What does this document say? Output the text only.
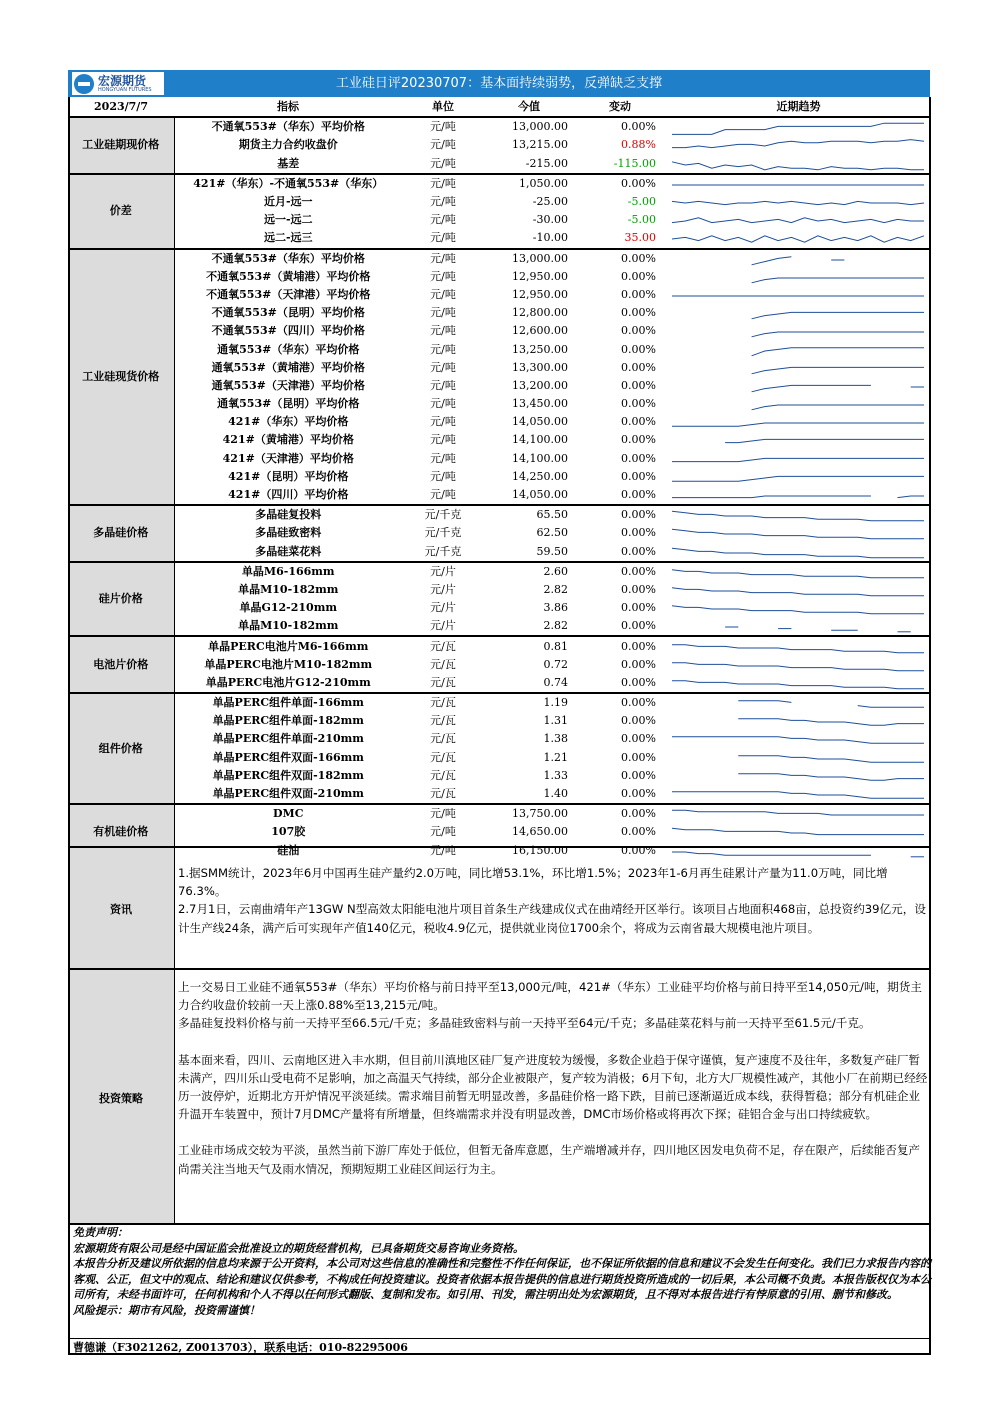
宏源期货
HONGYUAN FUTURES	工业硅日评20230707：基本面持续弱势，反弹缺乏支撑
2023/7/7	指标	单位	今值	变动	近期趋势
工业硅期现价格	不通氧553#（华东）平均价格	元/吨	13,000.00	0.00%	

	期货主力合约收盘价	元/吨	13,215.00	0.88%	

	基差	元/吨	-215.00	-115.00	

价差	421#（华东）-不通氧553#（华东）	元/吨	1,050.00	0.00%	

	近月-远一	元/吨	-25.00	-5.00	

	远一-远二	元/吨	-30.00	-5.00	

	远二-远三	元/吨	-10.00	35.00	

工业硅现货价格	不通氧553#（华东）平均价格	元/吨	13,000.00	0.00%	

	不通氧553#（黄埔港）平均价格	元/吨	12,950.00	0.00%	

	不通氧553#（天津港）平均价格	元/吨	12,950.00	0.00%	

	不通氧553#（昆明）平均价格	元/吨	12,800.00	0.00%	

	不通氧553#（四川）平均价格	元/吨	12,600.00	0.00%	

	通氧553#（华东）平均价格	元/吨	13,250.00	0.00%	

	通氧553#（黄埔港）平均价格	元/吨	13,300.00	0.00%	

	通氧553#（天津港）平均价格	元/吨	13,200.00	0.00%	

	通氧553#（昆明）平均价格	元/吨	13,450.00	0.00%	

	421#（华东）平均价格	元/吨	14,050.00	0.00%	

	421#（黄埔港）平均价格	元/吨	14,100.00	0.00%	

	421#（天津港）平均价格	元/吨	14,100.00	0.00%	

	421#（昆明）平均价格	元/吨	14,250.00	0.00%	

	421#（四川）平均价格	元/吨	14,050.00	0.00%	

多晶硅价格	多晶硅复投料	元/千克	65.50	0.00%	

	多晶硅致密料	元/千克	62.50	0.00%	

	多晶硅菜花料	元/千克	59.50	0.00%	

硅片价格	单晶M6-166mm	元/片	2.60	0.00%	

	单晶M10-182mm	元/片	2.82	0.00%	

	单晶G12-210mm	元/片	3.86	0.00%	

	单晶M10-182mm	元/片	2.82	0.00%	

电池片价格	单晶PERC电池片M6-166mm	元/瓦	0.81	0.00%	

	单晶PERC电池片M10-182mm	元/瓦	0.72	0.00%	

	单晶PERC电池片G12-210mm	元/瓦	0.74	0.00%	

组件价格	单晶PERC组件单面-166mm	元/瓦	1.19	0.00%	

	单晶PERC组件单面-182mm	元/瓦	1.31	0.00%	

	单晶PERC组件单面-210mm	元/瓦	1.38	0.00%	

	单晶PERC组件双面-166mm	元/瓦	1.21	0.00%	

	单晶PERC组件双面-182mm	元/瓦	1.33	0.00%	

	单晶PERC组件双面-210mm	元/瓦	1.40	0.00%	

有机硅价格	DMC	元/吨	13,750.00	0.00%	

	107胶	元/吨	14,650.00	0.00%	

	硅油	元/吨	16,150.00	0.00%	
资讯

1.据SMM统计，2023年6月中国再生硅产量约2.0万吨，同比增53.1%，环比增1.5%；2023年1-6月再生硅累计产量为11.0万吨，同比增76.3%。

2.7月1日，云南曲靖年产13GW N型高效太阳能电池片项目首条生产线建成仪式在曲靖经开区举行。该项目占地面积468亩，总投资约39亿元，设计生产线24条，满产后可实现年产值140亿元，税收4.9亿元，提供就业岗位1700余个，将成为云南省最大规模电池片项目。

投资策略

上一交易日工业硅不通氧553#（华东）平均价格与前日持平至13,000元/吨，421#（华东）工业硅平均价格与前日持平至14,050元/吨，期货主力合约收盘价较前一天上涨0.88%至13,215元/吨。

多晶硅复投料价格与前一天持平至66.5元/千克；多晶硅致密料与前一天持平至64元/千克；多晶硅菜花料与前一天持平至61.5元/千克。

基本面来看，四川、云南地区进入丰水期，但目前川滇地区硅厂复产进度较为缓慢，多数企业趋于保守谨慎，复产速度不及往年，多数复产硅厂暂未满产，四川乐山受电荷不足影响，加之高温天气持续，部分企业被限产，复产较为消极；6月下旬，北方大厂规模性减产，其他小厂在前期已经经历一波停炉，近期北方开炉情况平淡延续。需求端目前暂无明显改善，多晶硅价格一路下跌，目前已逐渐逼近成本线，获得暂稳；部分有机硅企业升温开车装置中，预计7月DMC产量将有所增量，但终端需求并没有明显改善，DMC市场价格或将再次下探；硅铝合金与出口持续疲软。

工业硅市场成交较为平淡，虽然当前下游厂库处于低位，但暂无备库意愿，生产端增减并存，四川地区因发电负荷不足，存在限产，后续能否复产尚需关注当地天气及雨水情况，预期短期工业硅区间运行为主。

免责声明：

宏源期货有限公司是经中国证监会批准设立的期货经营机构，已具备期货交易咨询业务资格。

本报告分析及建议所依据的信息均来源于公开资料，本公司对这些信息的准确性和完整性不作任何保证，也不保证所依据的信息和建议不会发生任何变化。我们已力求报告内容的客观、公正，但文中的观点、结论和建议仅供参考，不构成任何投资建议。投资者依据本报告提供的信息进行期货投资所造成的一切后果，本公司概不负责。本报告版权仅为本公司所有，未经书面许可，任何机构和个人不得以任何形式翻版、复制和发布。如引用、刊发，需注明出处为宏源期货，且不得对本报告进行有悖原意的引用、删节和修改。

风险提示：期市有风险，投资需谨慎！

曹德谦（F3021262, Z0013703），联系电话：010-82295006
